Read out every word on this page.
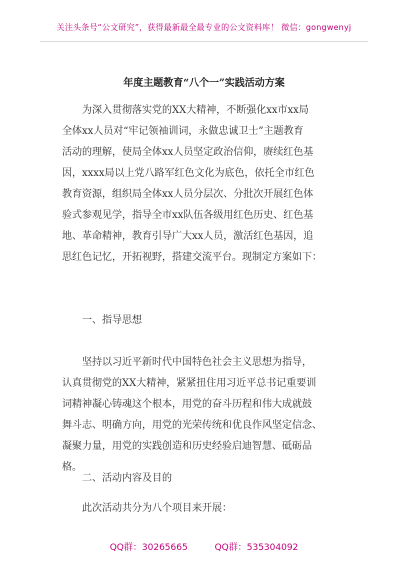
关注头条号“公文研究”，获得最新最全最专业的公文资料库！ 微信：gongwenyj
年度主题教育“八个一”实践活动方案
为深入贯彻落实党的XX大精神，不断强化xx市xx局
全体xx人员对“牢记领袖训词，永做忠诚卫士”主题教育
活动的理解，使局全体xx人员坚定政治信仰，赓续红色基
因，xxxx局以上党八路军红色文化为底色，依托全市红色
教育资源，组织局全体xx人员分层次、分批次开展红色体
验式参观见学，指导全市xx队伍各级用红色历史、红色基
地、革命精神，教育引导广大xx人员，激活红色基因，追
思红色记忆，开拓视野，搭建交流平台。现制定方案如下：
一、指导思想
坚持以习近平新时代中国特色社会主义思想为指导，
认真贯彻党的XX大精神，紧紧扭住用习近平总书记重要训
词精神凝心铸魂这个根本，用党的奋斗历程和伟大成就鼓
舞斗志、明确方向，用党的光荣传统和优良作风坚定信念、
凝聚力量，用党的实践创造和历史经验启迪智慧、砥砺品
格。
二、活动内容及目的
此次活动共分为八个项目来开展：
QQ群：30265665	QQ群：535304092
